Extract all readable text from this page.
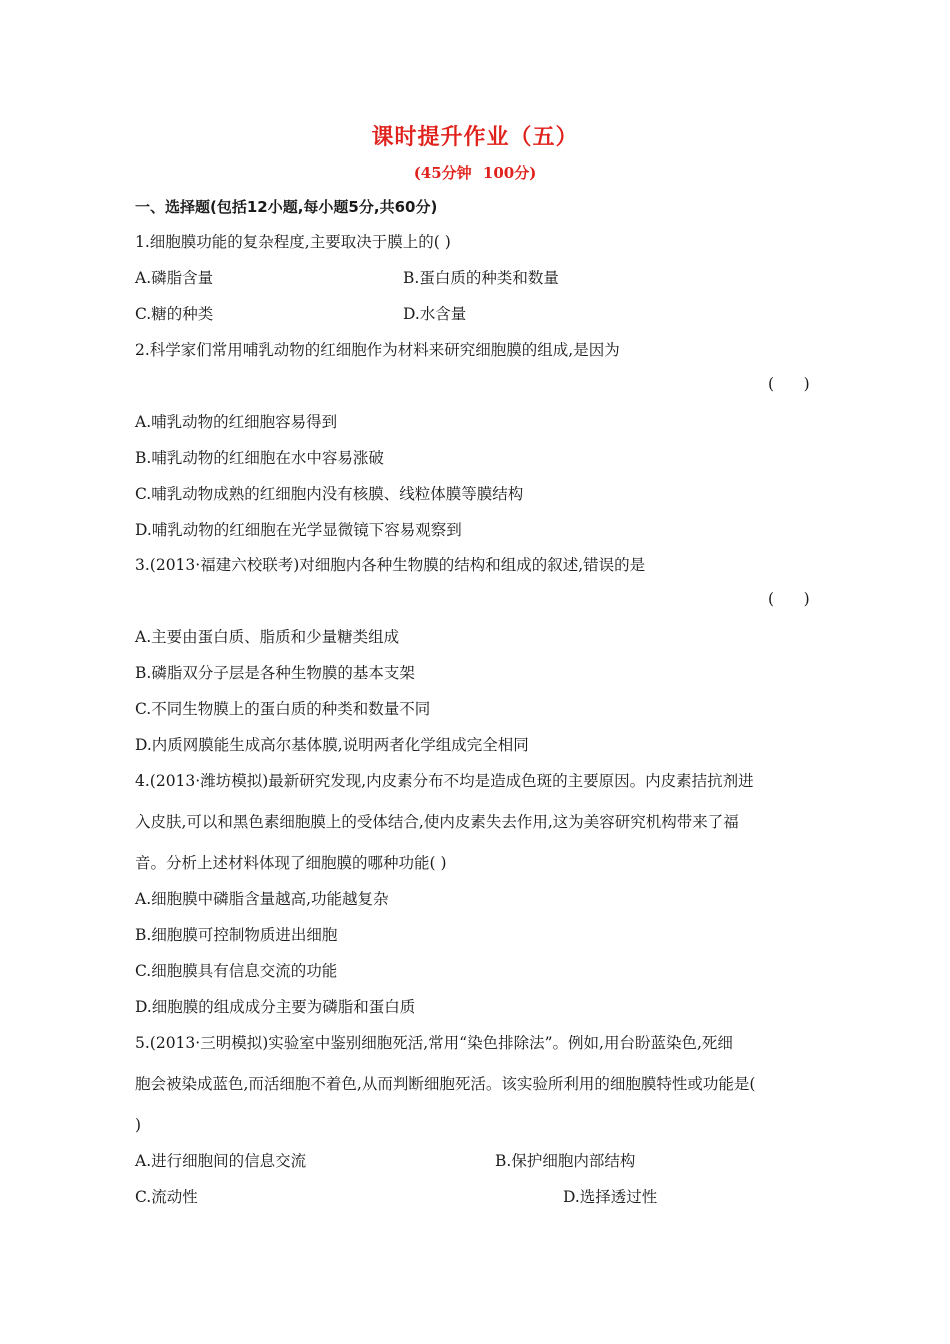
课时提升作业（五）
(45分钟 100分)
一、选择题(包括12小题,每小题5分,共60分)
1.细胞膜功能的复杂程度,主要取决于膜上的( )
A.磷脂含量	B.蛋白质的种类和数量
C.糖的种类	D.水含量
2.科学家们常用哺乳动物的红细胞作为材料来研究细胞膜的组成,是因为
(      )
A.哺乳动物的红细胞容易得到
B.哺乳动物的红细胞在水中容易涨破
C.哺乳动物成熟的红细胞内没有核膜、线粒体膜等膜结构
D.哺乳动物的红细胞在光学显微镜下容易观察到
3.(2013·福建六校联考)对细胞内各种生物膜的结构和组成的叙述,错误的是
(      )
A.主要由蛋白质、脂质和少量糖类组成
B.磷脂双分子层是各种生物膜的基本支架
C.不同生物膜上的蛋白质的种类和数量不同
D.内质网膜能生成高尔基体膜,说明两者化学组成完全相同
4.(2013·潍坊模拟)最新研究发现,内皮素分布不均是造成色斑的主要原因。内皮素拮抗剂进
入皮肤,可以和黑色素细胞膜上的受体结合,使内皮素失去作用,这为美容研究机构带来了福
音。分析上述材料体现了细胞膜的哪种功能( )
A.细胞膜中磷脂含量越高,功能越复杂
B.细胞膜可控制物质进出细胞
C.细胞膜具有信息交流的功能
D.细胞膜的组成成分主要为磷脂和蛋白质
5.(2013·三明模拟)实验室中鉴别细胞死活,常用“染色排除法”。例如,用台盼蓝染色,死细
胞会被染成蓝色,而活细胞不着色,从而判断细胞死活。该实验所利用的细胞膜特性或功能是(
)
A.进行细胞间的信息交流	B.保护细胞内部结构
C.流动性	D.选择透过性
